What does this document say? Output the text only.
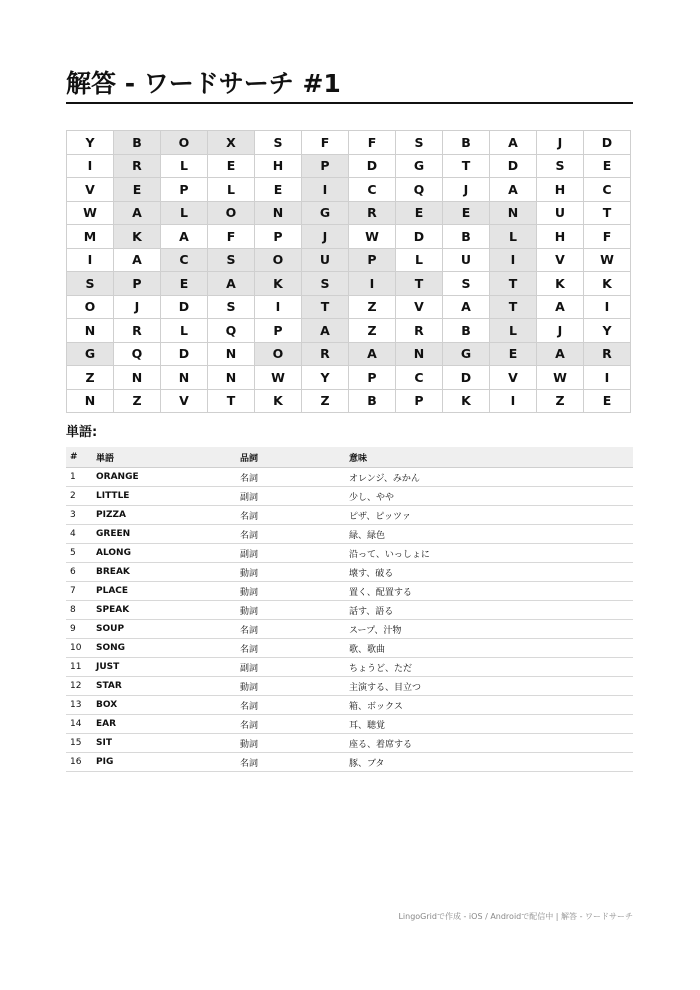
解答 - ワードサーチ #1
Y	B	O	X	S	F	F	S	B	A	J	D
I	R	L	E	H	P	D	G	T	D	S	E
V	E	P	L	E	I	C	Q	J	A	H	C
W	A	L	O	N	G	R	E	E	N	U	T
M	K	A	F	P	J	W	D	B	L	H	F
I	A	C	S	O	U	P	L	U	I	V	W
S	P	E	A	K	S	I	T	S	T	K	K
O	J	D	S	I	T	Z	V	A	T	A	I
N	R	L	Q	P	A	Z	R	B	L	J	Y
G	Q	D	N	O	R	A	N	G	E	A	R
Z	N	N	N	W	Y	P	C	D	V	W	I
N	Z	V	T	K	Z	B	P	K	I	Z	E
単語:
#	単語	品詞	意味
1	ORANGE	名詞	オレンジ、みかん
2	LITTLE	副詞	少し、やや
3	PIZZA	名詞	ピザ、ピッツァ
4	GREEN	名詞	緑、緑色
5	ALONG	副詞	沿って、いっしょに
6	BREAK	動詞	壊す、破る
7	PLACE	動詞	置く、配置する
8	SPEAK	動詞	話す、語る
9	SOUP	名詞	スープ、汁物
10	SONG	名詞	歌、歌曲
11	JUST	副詞	ちょうど、ただ
12	STAR	動詞	主演する、目立つ
13	BOX	名詞	箱、ボックス
14	EAR	名詞	耳、聴覚
15	SIT	動詞	座る、着席する
16	PIG	名詞	豚、ブタ
LingoGridで作成 - iOS / Androidで配信中 | 解答 - ワードサーチ
